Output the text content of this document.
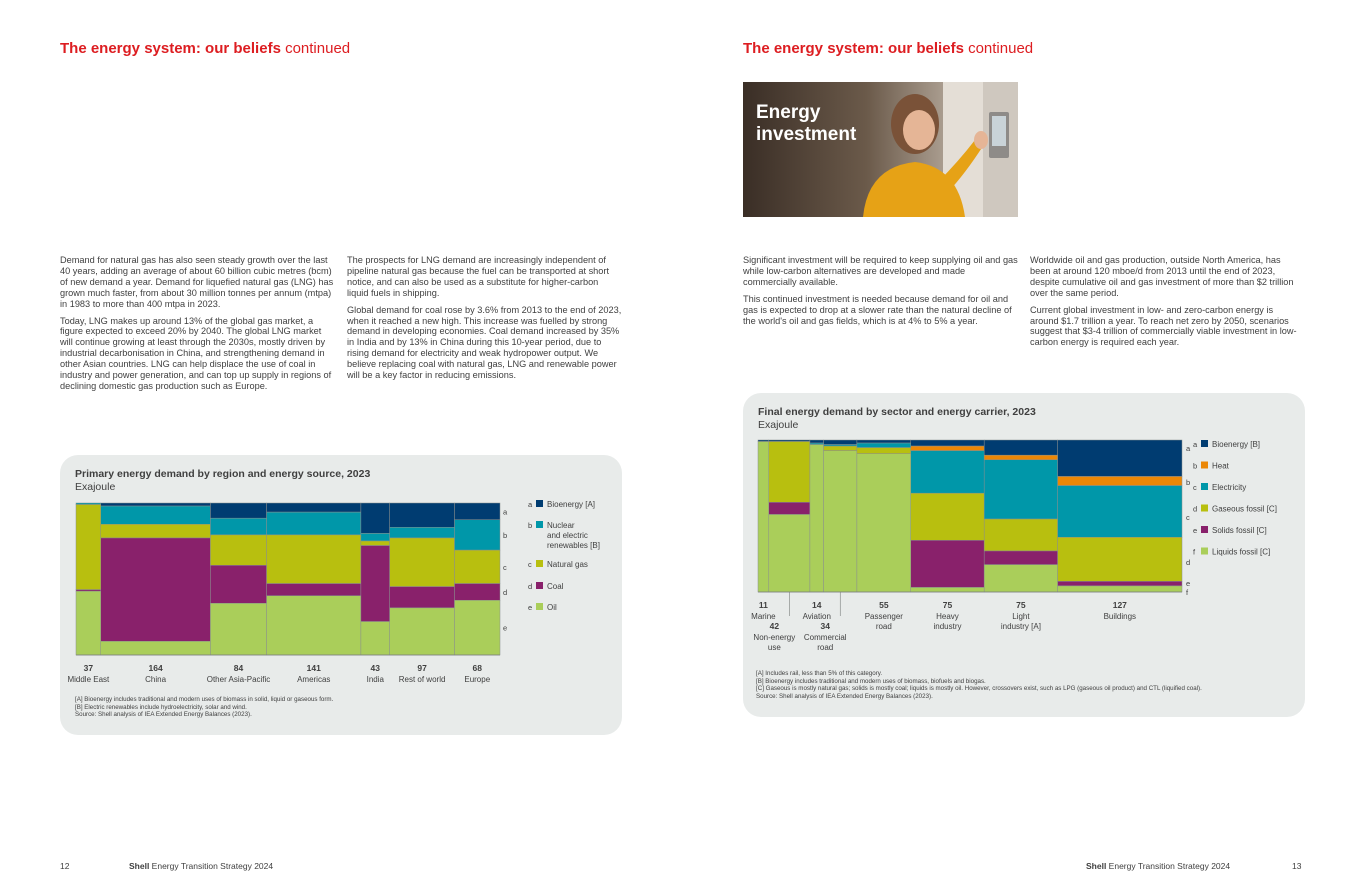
The energy system: our beliefs continued

Demand for natural gas has also seen steady growth over the last 40 years, adding an average of about 60 billion cubic metres (bcm) of new demand a year. Demand for liquefied natural gas (LNG) has grown much faster, from about 30 million tonnes per annum (mtpa) in 1983 to more than 400 mtpa in 2023.

Today, LNG makes up around 13% of the global gas market, a figure expected to exceed 20% by 2040. The global LNG market will continue growing at least through the 2030s, mostly driven by industrial decarbonisation in China, and strengthening demand in other Asian countries. LNG can help displace the use of coal in industry and power generation, and can top up supply in regions of declining domestic gas production such as Europe.

The prospects for LNG demand are increasingly independent of pipeline natural gas because the fuel can be transported at short notice, and can also be used as a substitute for higher-carbon liquid fuels in shipping.

Global demand for coal rose by 3.6% from 2013 to the end of 2023, when it reached a new high. This increase was fuelled by strong demand in developing economies. Coal demand increased by 35% in India and by 13% in China during this 10-year period, due to rising demand for electricity and weak hydropower output. We believe replacing coal with natural gas, LNG and renewable power will be a key factor in reducing emissions.

Primary energy demand by region and energy source, 2023
Exajoule
37
Middle East
164
China
84
Other Asia-Pacific
141
Americas
43
India
97
Rest of world
68
Europe
a
b
c
d
e
a Bioenergy [A]
b Nuclear
and electric
renewables [B]
c Natural gas
d Coal
e Oil
[A] Bioenergy includes traditional and modern uses of biomass in solid, liquid or gaseous form.
[B] Electric renewables include hydroelectricity, solar and wind.
Source: Shell analysis of IEA Extended Energy Balances (2023).
12	Shell Energy Transition Strategy 2024
The energy system: our beliefs continued
Energy
investment

Significant investment will be required to keep supplying oil and gas while low-carbon alternatives are developed and made commercially available.

This continued investment is needed because demand for oil and gas is expected to drop at a slower rate than the natural decline of the world's oil and gas fields, which is at 4% to 5% a year.

Worldwide oil and gas production, outside North America, has been at around 120 mboe/d from 2013 until the end of 2023, despite cumulative oil and gas investment of more than $2 trillion over the same period.

Current global investment in low- and zero-carbon energy is around $1.7 trillion a year. To reach net zero by 2050, scenarios suggest that $3-4 trillion of commercially viable investment in low-carbon energy is required each year.

Final energy demand by sector and energy carrier, 2023
Exajoule
11
Marine
14
Aviation
55
Passenger
road
75
Heavy
industry
75
Light
industry [A]
127
Buildings
42
Non-energy
use
34
Commercial
road
a
b
c
d
e
f
a Bioenergy [B]
b Heat
c Electricity
d Gaseous fossil [C]
e Solids fossil [C]
f Liquids fossil [C]
[A] Includes rail, less than 5% of this category.
[B] Bioenergy includes traditional and modern uses of biomass, biofuels and biogas.
[C] Gaseous is mostly natural gas; solids is mostly coal; liquids is mostly oil. However, crossovers exist, such as LPG (gaseous oil product) and CTL (liquified coal).
Source: Shell analysis of IEA Extended Energy Balances (2023).
Shell Energy Transition Strategy 2024	13
